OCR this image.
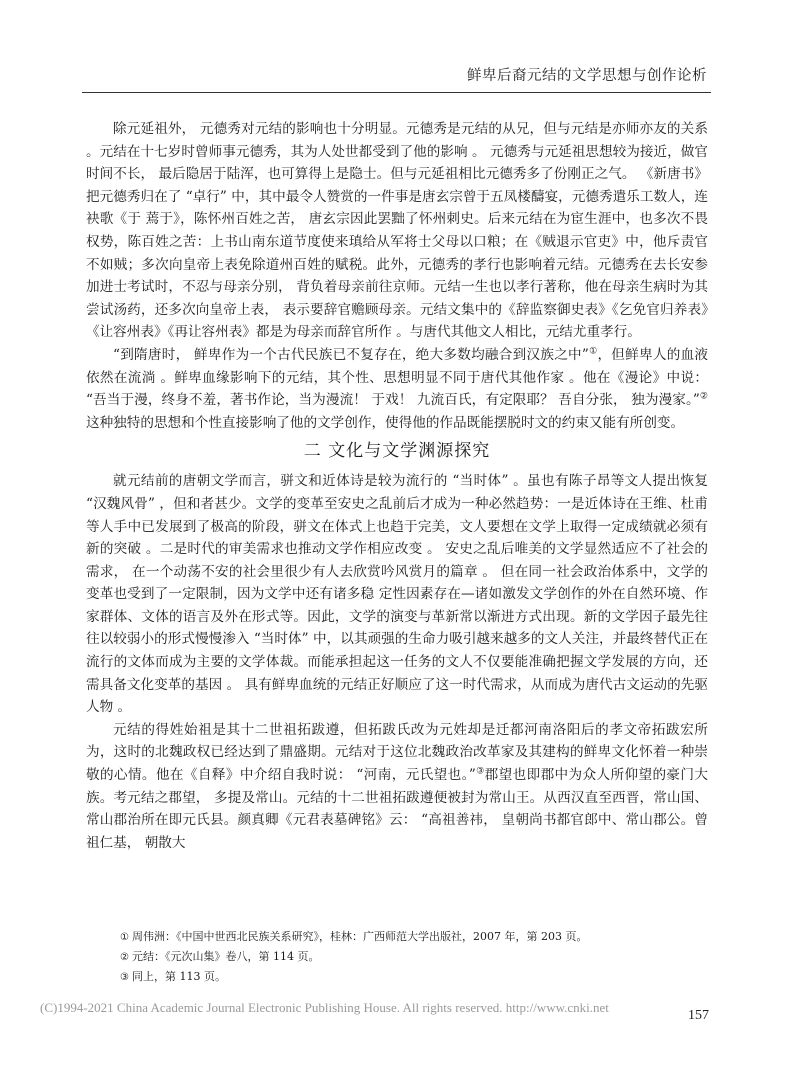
鲜卑后裔元结的文学思想与创作论析

除元延祖外， 元德秀对元结的影响也十分明显。元德秀是元结的从兄，但与元结是亦师亦友的关系 。元结在十七岁时曾师事元德秀，其为人处世都受到了他的影响 。 元德秀与元延祖思想较为接近，做官时间不长， 最后隐居于陆浑，也可算得上是隐士。但与元延祖相比元德秀多了份刚正之气。 《新唐书》 把元德秀归在了 “卓行” 中，其中最令人赞赏的一件事是唐玄宗曾于五凤楼醻宴，元德秀遣乐工数人，连袂歌《于 蔫于》，陈怀州百姓之苦， 唐玄宗因此罢黜了怀州刺史。后来元结在为宦生涯中，也多次不畏权势，陈百姓之苦：上书山南东道节度使来瑱给从军将士父母以口粮；在《贼退示官吏》中，他斥责官不如贼；多次向皇帝上表免除道州百姓的赋税。此外，元德秀的孝行也影响着元结。元德秀在去长安参加进士考试时，不忍与母亲分别， 背负着母亲前往京师。元结一生也以孝行著称，他在母亲生病时为其尝试汤药，还多次向皇帝上表， 表示要辞官赡顾母亲。元结文集中的《辞监察御史表》《乞免官归养表》《让容州表》《再让容州表》都是为母亲而辞官所作 。与唐代其他文人相比，元结尤重孝行。

“到隋唐时， 鲜卑作为一个古代民族已不复存在，绝大多数均融合到汉族之中”①，但鲜卑人的血液依然在流淌 。鲜卑血缘影响下的元结，其个性、思想明显不同于唐代其他作家 。他在《漫论》中说： “吾当于漫，终身不羞，著书作论，当为漫流！ 于戏！ 九流百氏，有定限耶？ 吾自分张， 独为漫家。”②这种独特的思想和个性直接影响了他的文学创作，使得他的作品既能摆脱时文的约束又能有所创变。

二 文化与文学渊源探究

就元结前的唐朝文学而言，骈文和近体诗是较为流行的 “当时体” 。虽也有陈子昂等文人提出恢复 “汉魏风骨” ，但和者甚少。文学的变革至安史之乱前后才成为一种必然趋势：一是近体诗在王维、杜甫等人手中已发展到了极高的阶段，骈文在体式上也趋于完美，文人要想在文学上取得一定成绩就必须有新的突破 。二是时代的审美需求也推动文学作相应改变 。 安史之乱后唯美的文学显然适应不了社会的需求， 在一个动荡不安的社会里很少有人去欣赏吟风赏月的篇章 。 但在同一社会政治体系中，文学的变革也受到了一定限制，因为文学中还有诸多稳 定性因素存在—诸如激发文学创作的外在自然环境、作家群体、文体的语言及外在形式等。因此，文学的演变与革新常以渐进方式出现。新的文学因子最先往往以较弱小的形式慢慢渗入 “当时体” 中，以其顽强的生命力吸引越来越多的文人关注，并最终替代正在流行的文体而成为主要的文学体裁。而能承担起这一任务的文人不仅要能准确把握文学发展的方向，还需具备文化变革的基因 。 具有鲜卑血统的元结正好顺应了这一时代需求，从而成为唐代古文运动的先驱人物 。

元结的得姓始祖是其十二世祖拓跋遵，但拓跋氏改为元姓却是迁都河南洛阳后的孝文帝拓跋宏所为，这时的北魏政权已经达到了鼎盛期。元结对于这位北魏政治改革家及其建构的鲜卑文化怀着一种崇敬的心情。他在《自释》中介绍自我时说： “河南，元氏望也。”③郡望也即郡中为众人所仰望的豪门大族。考元结之郡望， 多提及常山。元结的十二世祖拓跋遵便被封为常山王。从西汉直至西晋，常山国、常山郡治所在即元氏县。颜真卿《元君表墓碑铭》云： “高祖善祎， 皇朝尚书都官郎中、常山郡公。曾祖仁基， 朝散大

① 周伟洲：《中国中世西北民族关系研究》，桂林：广西师范大学出版社，2007 年，第 203 页。

② 元结：《元次山集》卷八，第 114 页。

③ 同上，第 113 页。

(C)1994-2021 China Academic Journal Electronic Publishing House. All rights reserved. http://www.cnki.net
157
